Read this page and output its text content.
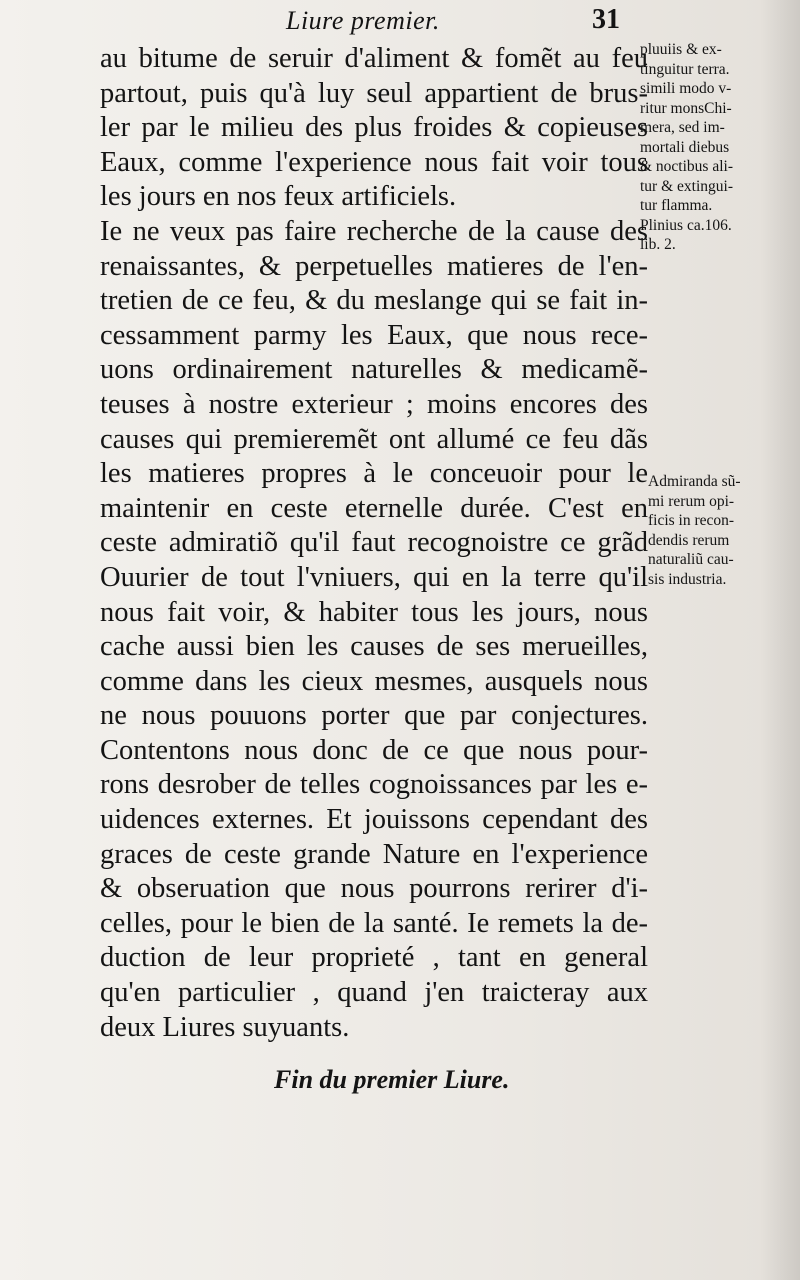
Liure premier.	31
au bitume de seruir d'aliment & fomẽt au feu
partout, puis qu'à luy seul appartient de brus-
ler par le milieu des plus froides & copieuses
Eaux, comme l'experience nous fait voir tous
les jours en nos feux artificiels.
Ie ne veux pas faire recherche de la cause des
renaissantes, & perpetuelles matieres de l'en-
tretien de ce feu, & du meslange qui se fait in-
cessamment parmy les Eaux, que nous rece-
uons ordinairement naturelles & medicamẽ-
teuses à nostre exterieur ; moins encores des
causes qui premieremẽt ont allumé ce feu dãs
les matieres propres à le conceuoir pour le
maintenir en ceste eternelle durée. C'est en
ceste admiratiõ qu'il faut recognoistre ce grãd
Ouurier de tout l'vniuers, qui en la terre qu'il
nous fait voir, & habiter tous les jours, nous
cache aussi bien les causes de ses merueilles,
comme dans les cieux mesmes, ausquels nous
ne nous pouuons porter que par conjectures.
Contentons nous donc de ce que nous pour-
rons desrober de telles cognoissances par les e-
uidences externes. Et jouissons cependant des
graces de ceste grande Nature en l'experience
& obseruation que nous pourrons rerirer d'i-
celles, pour le bien de la santé. Ie remets la de-
duction de leur proprieté , tant en general
qu'en particulier , quand j'en traicteray aux
deux Liures suyuants.
pluuiis & ex-
tinguitur terra.
simili modo v-
ritur monsChi-
mera, sed im-
mortali diebus
& noctibus ali-
tur & extingui-
tur flamma.
Plinius ca.106.
lib. 2.
Admiranda sũ-
mi rerum opi-
ficis in recon-
dendis rerum
naturaliũ cau-
sis industria.
Fin du premier Liure.
